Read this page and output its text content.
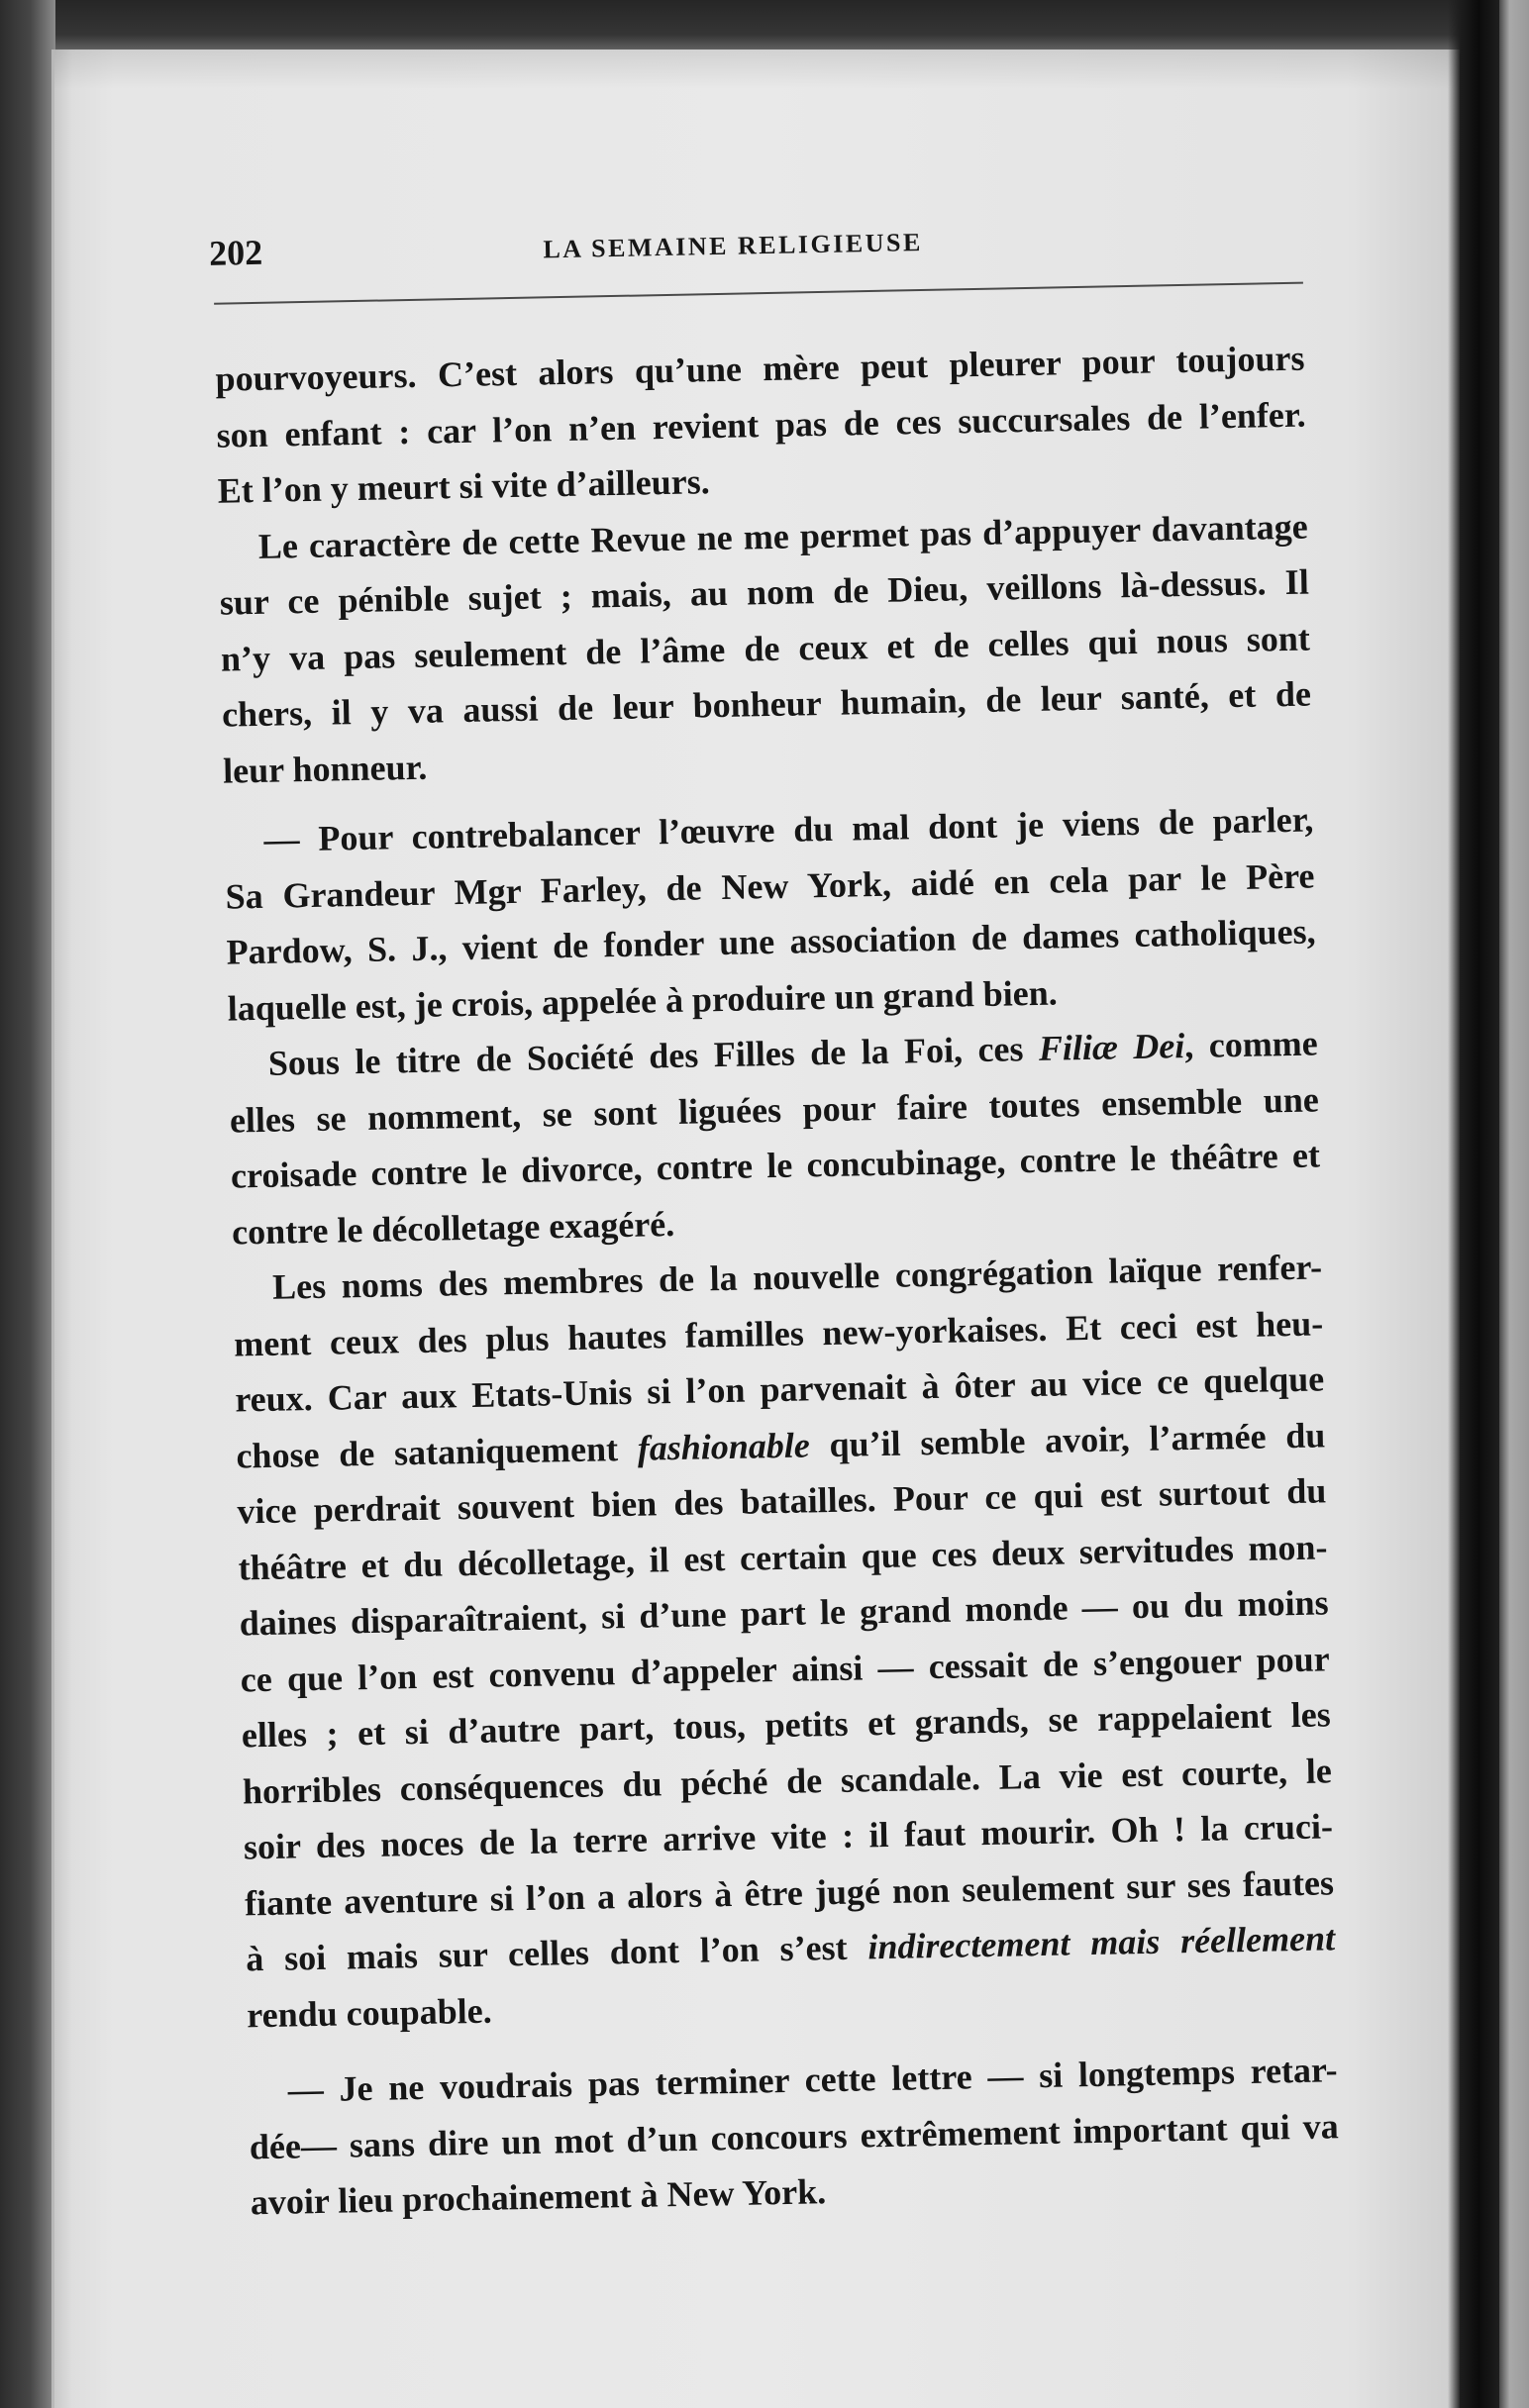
202	LA SEMAINE RELIGIEUSE
pourvoyeurs. C’est alors qu’une mère peut pleurer pour toujours
son enfant : car l’on n’en revient pas de ces succursales de l’enfer.
Et l’on y meurt si vite d’ailleurs.
Le caractère de cette Revue ne me permet pas d’appuyer davantage
sur ce pénible sujet ; mais, au nom de Dieu, veillons là-dessus. Il
n’y va pas seulement de l’âme de ceux et de celles qui nous sont
chers, il y va aussi de leur bonheur humain, de leur santé, et de
leur honneur.
— Pour contrebalancer l’œuvre du mal dont je viens de parler,
Sa Grandeur Mgr Farley, de New York, aidé en cela par le Père
Pardow, S. J., vient de fonder une association de dames catholiques,
laquelle est, je crois, appelée à produire un grand bien.
Sous le titre de Société des Filles de la Foi, ces Filiæ Dei, comme
elles se nomment, se sont liguées pour faire toutes ensemble une
croisade contre le divorce, contre le concubinage, contre le théâtre et
contre le décolletage exagéré.
Les noms des membres de la nouvelle congrégation laïque renfer-
ment ceux des plus hautes familles new-yorkaises. Et ceci est heu-
reux. Car aux Etats-Unis si l’on parvenait à ôter au vice ce quelque
chose de sataniquement fashionable qu’il semble avoir, l’armée du
vice perdrait souvent bien des batailles. Pour ce qui est surtout du
théâtre et du décolletage, il est certain que ces deux servitudes mon-
daines disparaîtraient, si d’une part le grand monde — ou du moins
ce que l’on est convenu d’appeler ainsi — cessait de s’engouer pour
elles ; et si d’autre part, tous, petits et grands, se rappelaient les
horribles conséquences du péché de scandale. La vie est courte, le
soir des noces de la terre arrive vite : il faut mourir. Oh ! la cruci-
fiante aventure si l’on a alors à être jugé non seulement sur ses fautes
à soi mais sur celles dont l’on s’est indirectement mais réellement
rendu coupable.
— Je ne voudrais pas terminer cette lettre — si longtemps retar-
dée— sans dire un mot d’un concours extrêmement important qui va
avoir lieu prochainement à New York.
